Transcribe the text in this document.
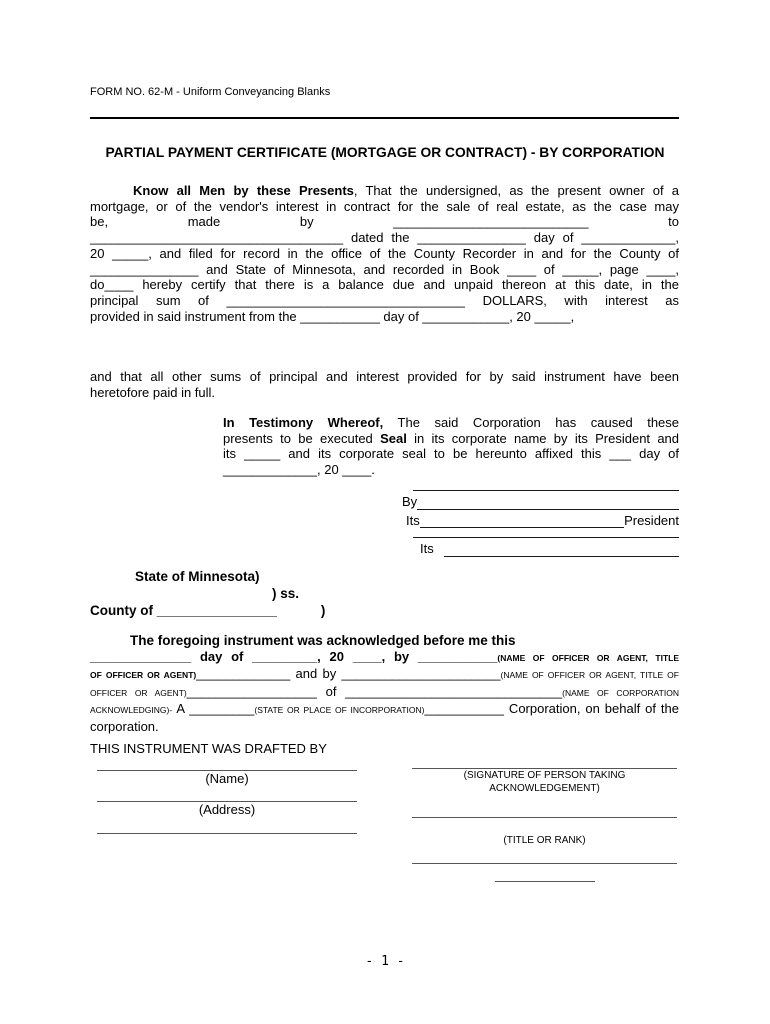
FORM NO. 62-M - Uniform Conveyancing Blanks
PARTIAL PAYMENT CERTIFICATE (MORTGAGE OR CONTRACT) - BY CORPORATION
Know all Men by these Presents, That the undersigned, as the present owner of a
mortgage, or of the vendor's interest in contract for the sale of real estate, as the case may
be, made by ___________________________ to
___________________________________ dated the _______________ day of _____________,
20 _____, and filed for record in the office of the County Recorder in and for the County of
_______________ and State of Minnesota, and recorded in Book ____ of _____, page ____,
do____ hereby certify that there is a balance due and unpaid thereon at this date, in the
principal sum of _________________________________ DOLLARS, with interest as
provided in said instrument from the ___________ day of ____________, 20 _____,
and that all other sums of principal and interest provided for by said instrument have been
heretofore paid in full.
In Testimony Whereof, The said Corporation has caused these
presents to be executed Seal in its corporate name by its President and
its _____ and its corporate seal to be hereunto affixed this ___ day of
_____________, 20 ____.
By
Its	President
Its
State of Minnesota)
) ss.
County of ________________	)
The foregoing instrument was acknowledged before me this
______________ day of _________, 20 ____, by ___________(NAME OF OFFICER OR AGENT, TITLE
OF OFFICER OR AGENT)_____________ and by ______________________(NAME OF OFFICER OR AGENT, TITLE OF
OFFICER OR AGENT)__________________ of ______________________________(NAME OF CORPORATION
ACKNOWLEDGING)- A _________(STATE OR PLACE OF INCORPORATION)___________ Corporation, on behalf of the
corporation.
THIS INSTRUMENT WAS DRAFTED BY
(Name)
(Address)
(SIGNATURE OF PERSON TAKING
ACKNOWLEDGEMENT)
(TITLE OR RANK)
- 1 -
